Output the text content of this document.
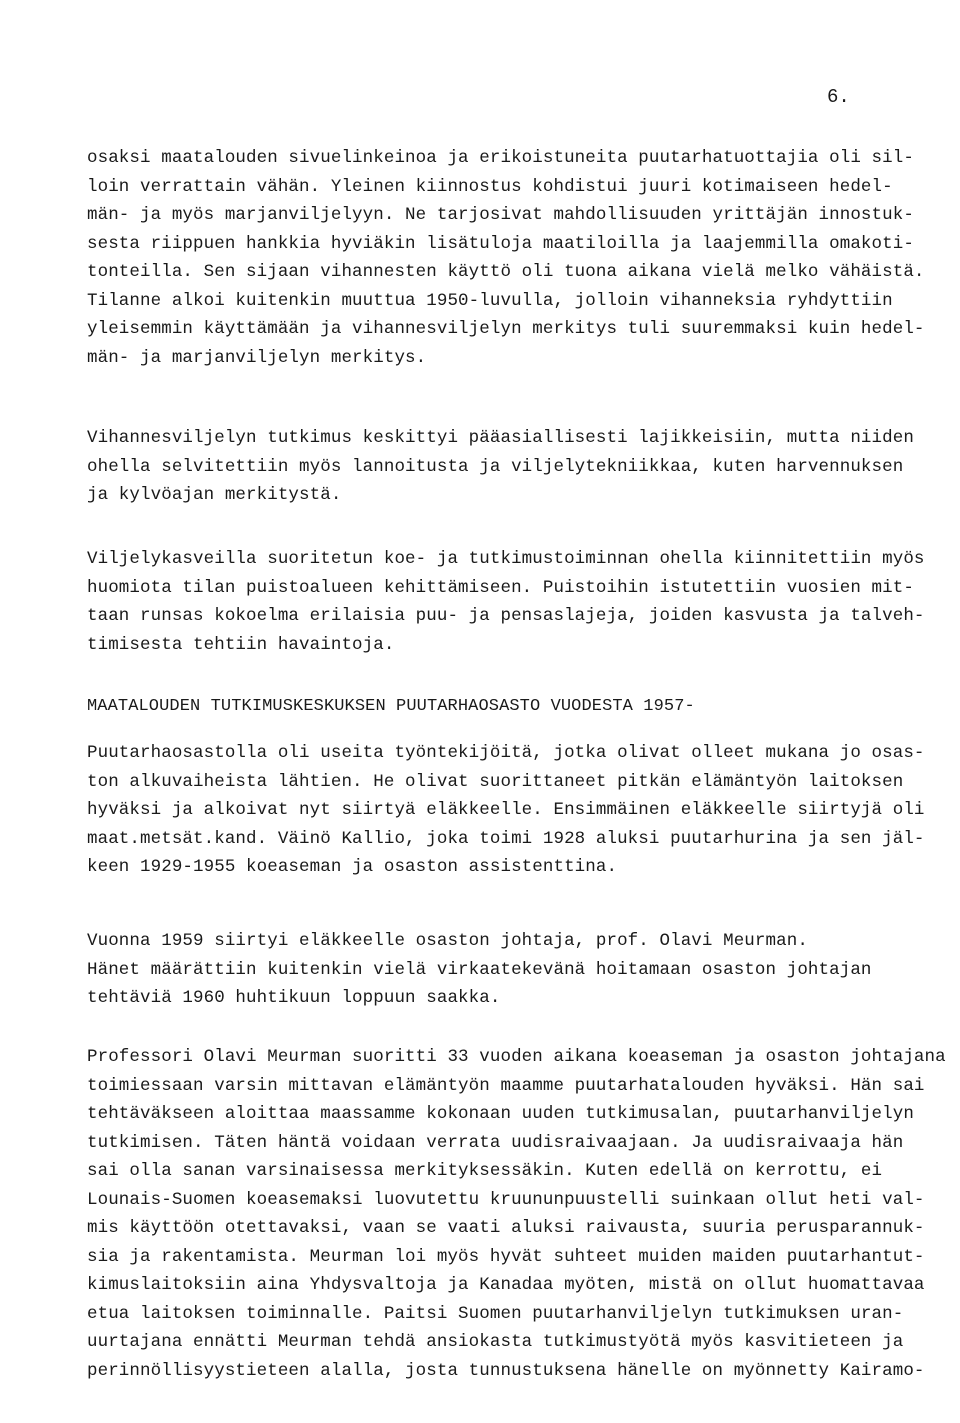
6.
osaksi maatalouden sivuelinkeinoa ja erikoistuneita puutarhatuottajia oli sil-
loin verrattain vähän. Yleinen kiinnostus kohdistui juuri kotimaiseen hedel-
män- ja myös marjanviljelyyn. Ne tarjosivat mahdollisuuden yrittäjän innostuk-
sesta riippuen hankkia hyviäkin lisätuloja maatiloilla ja laajemmilla omakoti-
tonteilla. Sen sijaan vihannesten käyttö oli tuona aikana vielä melko vähäistä.
Tilanne alkoi kuitenkin muuttua 1950-luvulla, jolloin vihanneksia ryhdyttiin
yleisemmin käyttämään ja vihannesviljelyn merkitys tuli suuremmaksi kuin hedel-
män- ja marjanviljelyn merkitys.
Vihannesviljelyn tutkimus keskittyi pääasiallisesti lajikkeisiin, mutta niiden
ohella selvitettiin myös lannoitusta ja viljelytekniikkaa, kuten harvennuksen
ja kylvöajan merkitystä.
Viljelykasveilla suoritetun koe- ja tutkimustoiminnan ohella kiinnitettiin myös
huomiota tilan puistoalueen kehittämiseen. Puistoihin istutettiin vuosien mit-
taan runsas kokoelma erilaisia puu- ja pensaslajeja, joiden kasvusta ja talveh-
timisesta tehtiin havaintoja.
MAATALOUDEN TUTKIMUSKESKUKSEN PUUTARHAOSASTO VUODESTA 1957-
Puutarhaosastolla oli useita työntekijöitä, jotka olivat olleet mukana jo osas-
ton alkuvaiheista lähtien. He olivat suorittaneet pitkän elämäntyön laitoksen
hyväksi ja alkoivat nyt siirtyä eläkkeelle. Ensimmäinen eläkkeelle siirtyjä oli
maat.metsät.kand. Väinö Kallio, joka toimi 1928 aluksi puutarhurina ja sen jäl-
keen 1929-1955 koeaseman ja osaston assistenttina.
Vuonna 1959 siirtyi eläkkeelle osaston johtaja, prof. Olavi Meurman.
Hänet määrättiin kuitenkin vielä virkaatekevänä hoitamaan osaston johtajan
tehtäviä 1960 huhtikuun loppuun saakka.
Professori Olavi Meurman suoritti 33 vuoden aikana koeaseman ja osaston johtajana
toimiessaan varsin mittavan elämäntyön maamme puutarhatalouden hyväksi. Hän sai
tehtäväkseen aloittaa maassamme kokonaan uuden tutkimusalan, puutarhanviljelyn
tutkimisen. Täten häntä voidaan verrata uudisraivaajaan. Ja uudisraivaaja hän
sai olla sanan varsinaisessa merkityksessäkin. Kuten edellä on kerrottu, ei
Lounais-Suomen koeasemaksi luovutettu kruununpuustelli suinkaan ollut heti val-
mis käyttöön otettavaksi, vaan se vaati aluksi raivausta, suuria perusparannuk-
sia ja rakentamista. Meurman loi myös hyvät suhteet muiden maiden puutarhantut-
kimuslaitoksiin aina Yhdysvaltoja ja Kanadaa myöten, mistä on ollut huomattavaa
etua laitoksen toiminnalle. Paitsi Suomen puutarhanviljelyn tutkimuksen uran-
uurtajana ennätti Meurman tehdä ansiokasta tutkimustyötä myös kasvitieteen ja
perinnöllisyystieteen alalla, josta tunnustuksena hänelle on myönnetty Kairamo-
